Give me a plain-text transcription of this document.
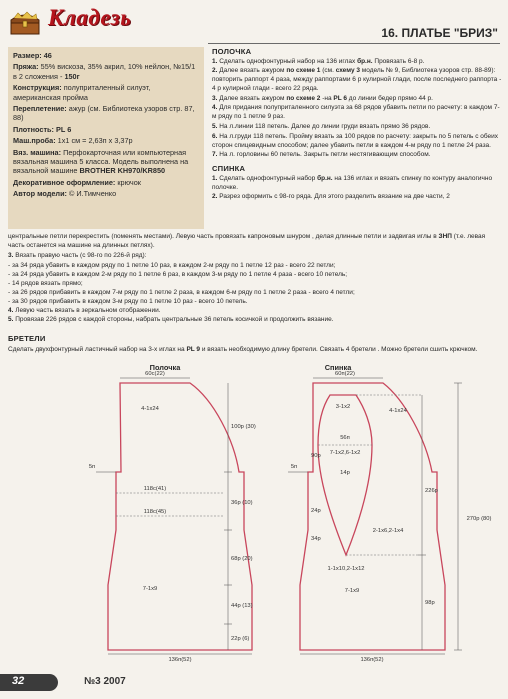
Кладезь
16. ПЛАТЬЕ "БРИЗ"

Размер: 46

Пряжа: 55% вискоза, 35% акрил, 10% нейлон, №15/1 в 2 сложения - 150г

Конструкция: полуприталенный силуэт, американская пройма

Переплетение: ажур (см. Библиотека узоров стр. 87, 88)

Плотность: PL 6

Маш.проба: 1х1 см = 2,63п х 3,37р

Вяз. машина: Перфокарточная или компьютерная вязальная машина 5 класса. Модель выполнена на вязальной машине BROTHER KH970/KR850

Декоративное оформление: крючок

Автор модели: © И.Тимченко

ПОЛОЧКА

1. Сделать однофонтурный набор на 136 иглах бр.н. Провязать 6-8 р.

2. Далее вязать ажуром по схеме 1 (см. схему 3 модель № 9, Библиотека узоров стр. 88-89): повторить раппорт 4 раза, между раппортами 6 р кулирной глади, после последнего раппорта - 4 р кулирной глади - всего 22 ряда.

3. Далее вязать ажуром по схеме 2 -на PL 6 до линии бедер прямо 44 р.

4. Для придания полуприталенного силуэта за 68 рядов убавить петли по расчету: в каждом 7-м ряду по 1 петле 9 раз.

5. На л.линии 118 петель. Далее до линии груди вязать прямо 36 рядов.

6. На л.груди 118 петель. Пройму вязать за 100 рядов по расчету: закрыть по 5 петель с обеих сторон спицевидным способом; далее убавить петли в каждом 4-м ряду по 1 петле 24 раза.

7. На л. горловины 60 петель. Закрыть петли нестягивающим способом.

СПИНКА

1. Сделать однофонтурный набор бр.н. на 136 иглах и вязать спинку по контуру аналогично полочке.

2. Разрез оформить с 98-го ряда. Для этого разделить вязание на две части, 2

центральные петли перекрестить (поменять местами). Левую часть провязать капроновым шнуром , делая длинные петли и задвигая иглы в ЗНП (т.е. левая часть останется на машине на длинных петлях).

3. Вязать правую часть (с 98-го по 226-й ряд):

- за 34 ряда убавить в каждом ряду по 1 петле 10 раз, в каждом 2-м ряду по 1 петле 12 раз - всего 22 петли;

- за 24 ряда убавить в каждом 2-м ряду по 1 петле 6 раз, в каждом 3-м ряду по 1 петле 4 раза - всего 10 петель;

- 14 рядов вязать прямо;

- за 26 рядов прибавить в каждом 7-м ряду по 1 петле 2 раза, в каждом 6-м ряду по 1 петле 2 раза - всего 4 петли;

- за 30 рядов прибавить в каждом 3-м ряду по 1 петле 10 раз - всего 10 петель.

4. Левую часть вязать в зеркальном отображении.

5. Провязав 226 рядов с каждой стороны, набрать центральные 36 петель косичкой и продолжить вязание.

БРЕТЕЛИ

Сделать двухфонтурный ластичный набор на 3-х иглах на PL 9 и вязать необходимую длину бретели. Связать 4 бретели . Можно бретели сшить крючком.

Полочка
60с(22)
4-1х24
100р (30)
5п
118с(41)
118с(45)
36р (10)
68р (20)
7-1х9
44р (13)
22р (6)
136п(52)
Спинка
60п(22)
4-1х24
90р
3-1х2
56п
7-1х2,6-1х2
14р
5п
24р
34р
2-1х6,2-1х4
1-1х10,2-1х12
7-1х9
270р (80)
226р
98р
136п(52)
32	№3 2007
